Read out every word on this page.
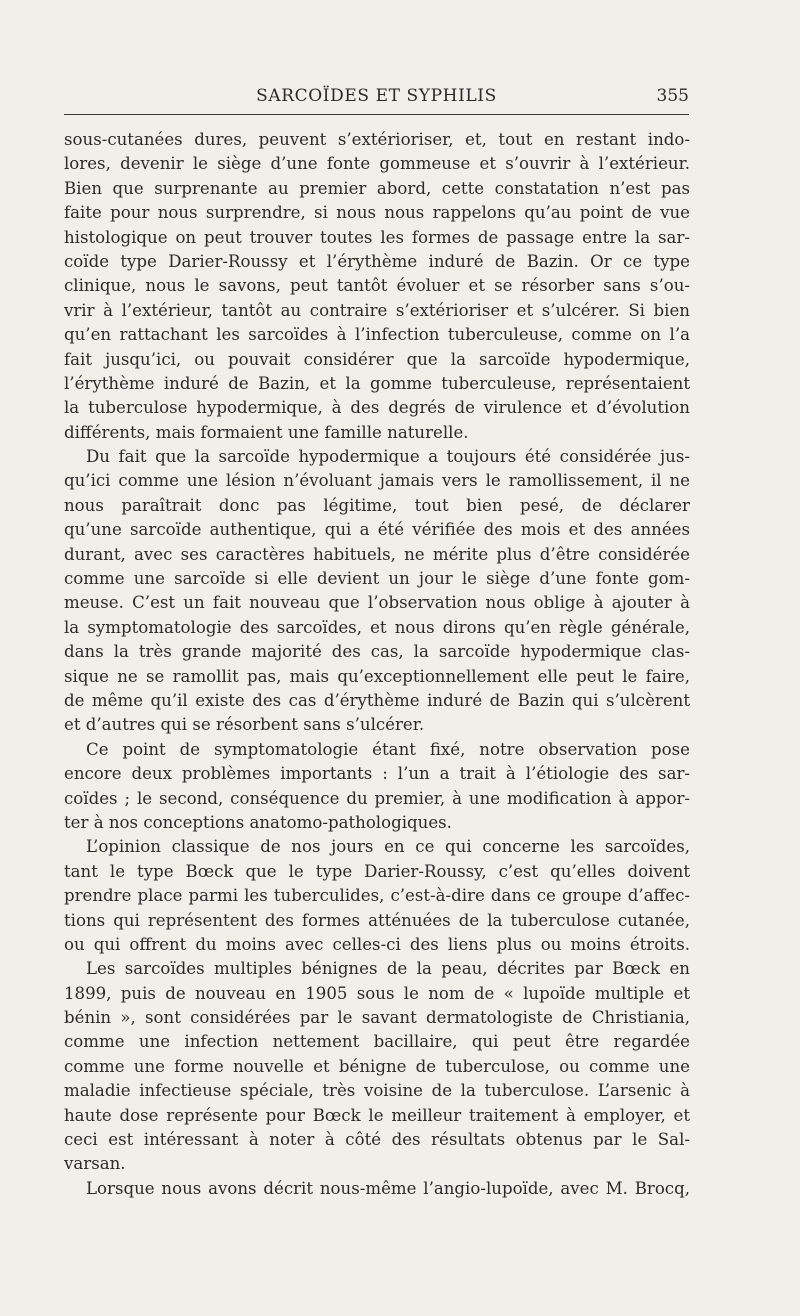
SARCOÏDES ET SYPHILIS	355
sous-cutanées dures, peuvent s’extérioriser, et, tout en restant indo-
lores, devenir le siège d’une fonte gommeuse et s’ouvrir à l’extérieur.
Bien que surprenante au premier abord, cette constatation n’est pas
faite pour nous surprendre, si nous nous rappelons qu’au point de vue
histologique on peut trouver toutes les formes de passage entre la sar-
coïde type Darier-Roussy et l’érythème induré de Bazin. Or ce type
clinique, nous le savons, peut tantôt évoluer et se résorber sans s’ou-
vrir à l’extérieur, tantôt au contraire s’extérioriser et s’ulcérer. Si bien
qu’en rattachant les sarcoïdes à l’infection tuberculeuse, comme on l’a
fait jusqu’ici, ou pouvait considérer que la sarcoïde hypodermique,
l’érythème induré de Bazin, et la gomme tuberculeuse, représentaient
la tuberculose hypodermique, à des degrés de virulence et d’évolution
différents, mais formaient une famille naturelle.
Du fait que la sarcoïde hypodermique a toujours été considérée jus-
qu’ici comme une lésion n’évoluant jamais vers le ramollissement, il ne
nous paraîtrait donc pas légitime, tout bien pesé, de déclarer
qu’une sarcoïde authentique, qui a été vérifiée des mois et des années
durant, avec ses caractères habituels, ne mérite plus d’être considérée
comme une sarcoïde si elle devient un jour le siège d’une fonte gom-
meuse. C’est un fait nouveau que l’observation nous oblige à ajouter à
la symptomatologie des sarcoïdes, et nous dirons qu’en règle générale,
dans la très grande majorité des cas, la sarcoïde hypodermique clas-
sique ne se ramollit pas, mais qu’exceptionnellement elle peut le faire,
de même qu’il existe des cas d’érythème induré de Bazin qui s’ulcèrent
et d’autres qui se résorbent sans s’ulcérer.
Ce point de symptomatologie étant fixé, notre observation pose
encore deux problèmes importants : l’un a trait à l’étiologie des sar-
coïdes ; le second, conséquence du premier, à une modification à appor-
ter à nos conceptions anatomo-pathologiques.
L’opinion classique de nos jours en ce qui concerne les sarcoïdes,
tant le type Bœck que le type Darier-Roussy, c’est qu’elles doivent
prendre place parmi les tuberculides, c’est-à-dire dans ce groupe d’affec-
tions qui représentent des formes atténuées de la tuberculose cutanée,
ou qui offrent du moins avec celles-ci des liens plus ou moins étroits.
Les sarcoïdes multiples bénignes de la peau, décrites par Bœck en
1899, puis de nouveau en 1905 sous le nom de « lupoïde multiple et
bénin », sont considérées par le savant dermatologiste de Christiania,
comme une infection nettement bacillaire, qui peut être regardée
comme une forme nouvelle et bénigne de tuberculose, ou comme une
maladie infectieuse spéciale, très voisine de la tuberculose. L’arsenic à
haute dose représente pour Bœck le meilleur traitement à employer, et
ceci est intéressant à noter à côté des résultats obtenus par le Sal-
varsan.
Lorsque nous avons décrit nous-même l’angio-lupoïde, avec M. Brocq,
